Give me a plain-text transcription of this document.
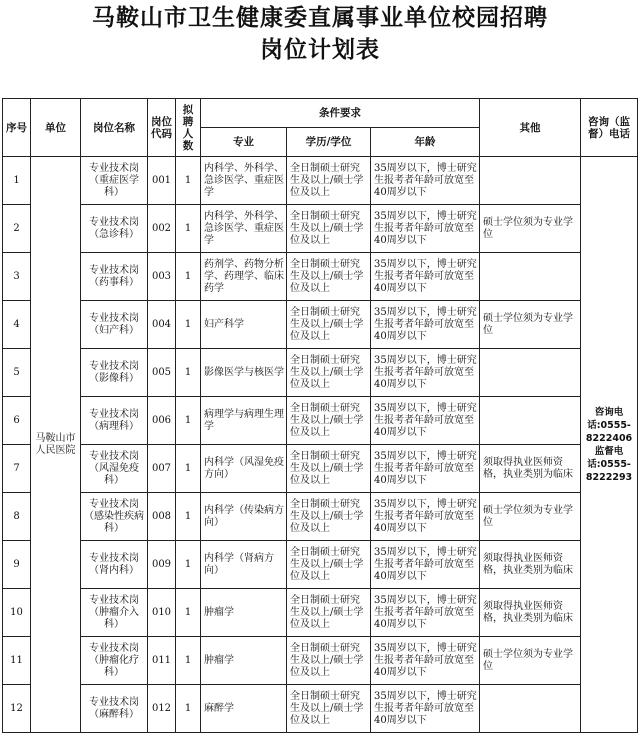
马鞍山市卫生健康委直属事业单位校园招聘
岗位计划表
序号	单位	岗位名称	岗位代码	拟聘人数	条件要求			其他	咨询（监督）电话
					专业	学历/学位	年龄		
1	马鞍山市人民医院	专业技术岗（重症医学科）	001	1	内科学、外科学、急诊医学、重症医学	全日制硕士研究生及以上/硕士学位及以上	35周岁以下，博士研究生报考者年龄可放宽至40周岁以下		咨询电话:0555-8222406 监督电话:0555-8222293
2		专业技术岗（急诊科）	002	1	内科学、外科学、急诊医学、重症医学	全日制硕士研究生及以上/硕士学位及以上	35周岁以下，博士研究生报考者年龄可放宽至40周岁以下	硕士学位须为专业学位	
3		专业技术岗（药事科）	003	1	药剂学、药物分析学、药理学、临床药学	全日制硕士研究生及以上/硕士学位及以上	35周岁以下，博士研究生报考者年龄可放宽至40周岁以下		
4		专业技术岗（妇产科）	004	1	妇产科学	全日制硕士研究生及以上/硕士学位及以上	35周岁以下，博士研究生报考者年龄可放宽至40周岁以下	硕士学位须为专业学位	
5		专业技术岗（影像科）	005	1	影像医学与核医学	全日制硕士研究生及以上/硕士学位及以上	35周岁以下，博士研究生报考者年龄可放宽至40周岁以下		
6		专业技术岗（病理科）	006	1	病理学与病理生理学	全日制硕士研究生及以上/硕士学位及以上	35周岁以下，博士研究生报考者年龄可放宽至40周岁以下		
7		专业技术岗（风湿免疫科）	007	1	内科学（风湿免疫方向）	全日制硕士研究生及以上/硕士学位及以上	35周岁以下，博士研究生报考者年龄可放宽至40周岁以下	须取得执业医师资格，执业类别为临床	
8		专业技术岗（感染性疾病科）	008	1	内科学（传染病方向）	全日制硕士研究生及以上/硕士学位及以上	35周岁以下，博士研究生报考者年龄可放宽至40周岁以下	硕士学位须为专业学位	
9		专业技术岗（肾内科）	009	1	内科学（肾病方向）	全日制硕士研究生及以上/硕士学位及以上	35周岁以下，博士研究生报考者年龄可放宽至40周岁以下	须取得执业医师资格，执业类别为临床	
10		专业技术岗（肿瘤介入科）	010	1	肿瘤学	全日制硕士研究生及以上/硕士学位及以上	35周岁以下，博士研究生报考者年龄可放宽至40周岁以下	须取得执业医师资格，执业类别为临床	
11		专业技术岗（肿瘤化疗科）	011	1	肿瘤学	全日制硕士研究生及以上/硕士学位及以上	35周岁以下，博士研究生报考者年龄可放宽至40周岁以下	硕士学位须为专业学位	
12		专业技术岗（麻醉科）	012	1	麻醉学	全日制硕士研究生及以上/硕士学位及以上	35周岁以下，博士研究生报考者年龄可放宽至40周岁以下		
